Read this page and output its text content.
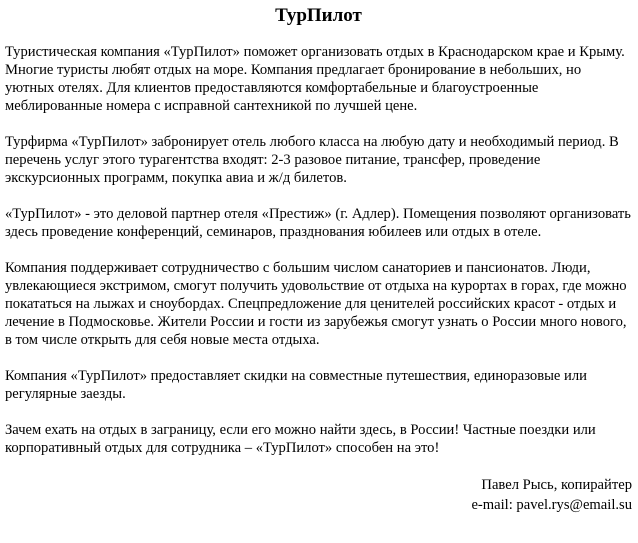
ТурПилот

Туристическая компания «ТурПилот» поможет организовать отдых в Краснодарском крае и Крыму. Многие туристы любят отдых на море. Компания предлагает бронирование в небольших, но уютных отелях. Для клиентов предоставляются комфортабельные и благоустроенные меблированные номера с исправной сантехникой по лучшей цене.

Турфирма «ТурПилот» забронирует отель любого класса на любую дату и необходимый период. В перечень услуг этого турагентства входят: 2-3 разовое питание, трансфер, проведение экскурсионных программ, покупка авиа и ж/д билетов.

«ТурПилот» - это деловой партнер отеля «Престиж» (г. Адлер). Помещения позволяют организовать здесь проведение конференций, семинаров, празднования юбилеев или отдых в отеле.

Компания поддерживает сотрудничество с большим числом санаториев и пансионатов. Люди, увлекающиеся экстримом, смогут получить удовольствие от отдыха на курортах в горах, где можно покататься на лыжах и сноубордах. Спецпредложение для ценителей российских красот - отдых и лечение в Подмосковье. Жители России и гости из зарубежья смогут узнать о России много нового, в том числе открыть для себя новые места отдыха.

Компания «ТурПилот» предоставляет скидки на совместные путешествия, единоразовые или регулярные заезды.

Зачем ехать на отдых в заграницу, если его можно найти здесь, в России! Частные поездки или корпоративный отдых для сотрудника – «ТурПилот» способен на это!

Павел Рысь, копирайтер
e-mail: pavel.rys@email.su
